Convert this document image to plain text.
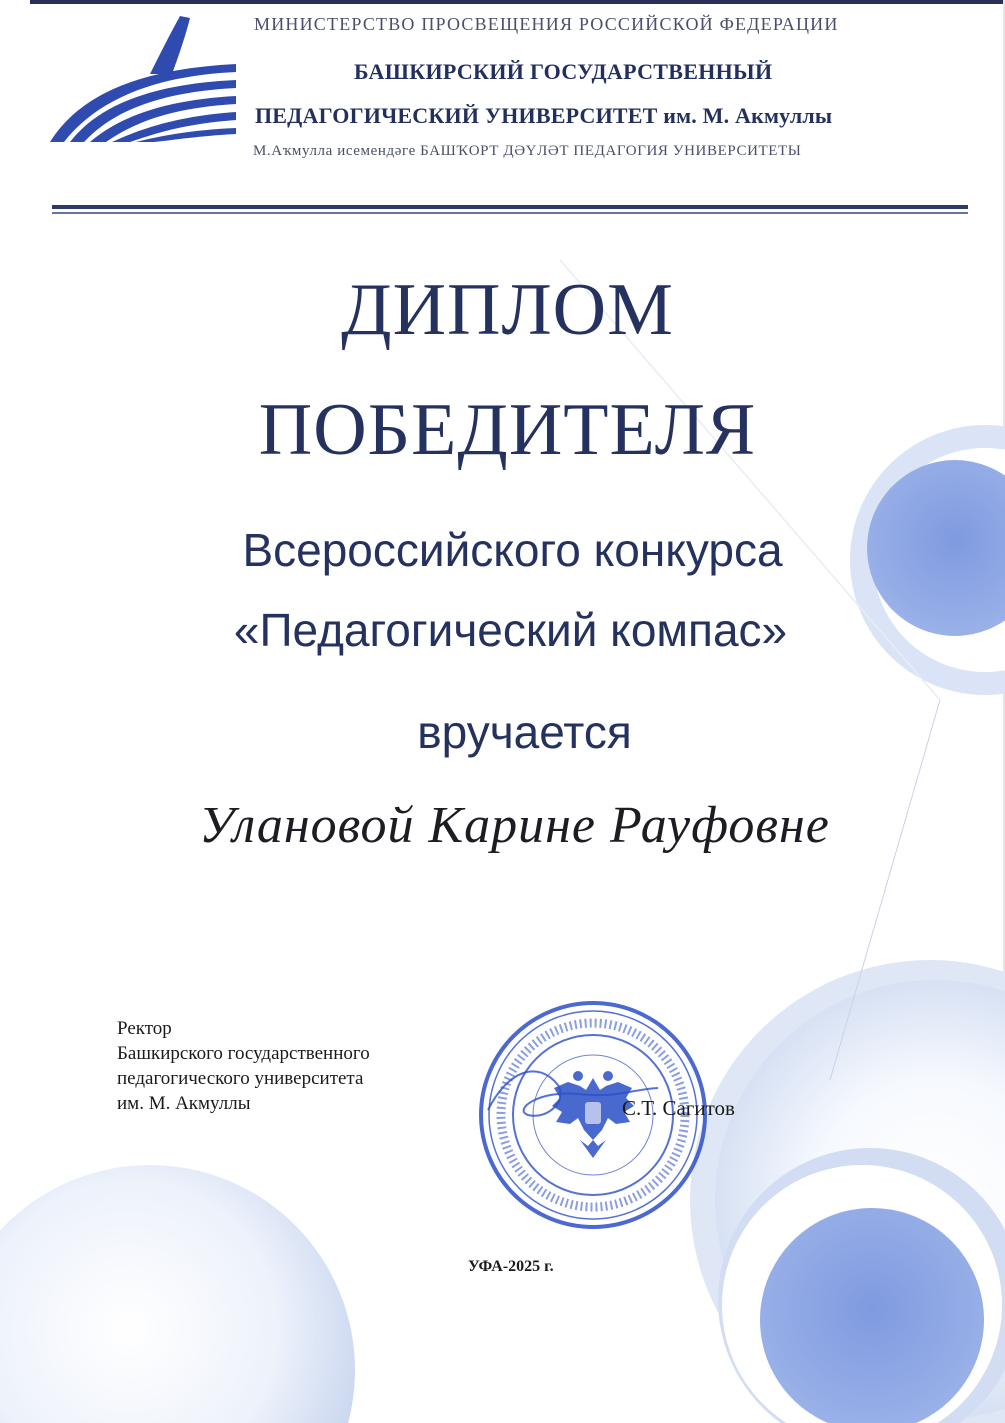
МИНИСТЕРСТВО ПРОСВЕЩЕНИЯ РОССИЙСКОЙ ФЕДЕРАЦИИ
БАШКИРСКИЙ ГОСУДАРСТВЕННЫЙ
ПЕДАГОГИЧЕСКИЙ УНИВЕРСИТЕТ им. М. Акмуллы
М.Аҡмулла исемендәге БАШҠОРТ ДӘҮЛӘТ ПЕДАГОГИЯ УНИВЕРСИТЕТЫ
ДИПЛОМ
ПОБЕДИТЕЛЯ
Всероссийского конкурса
«Педагогический компас»
вручается
Улановой Карине Рауфовне
Ректор
Башкирского государственного
педагогического университета
им. М. Акмуллы	С.Т. Сагитов
УФА-2025 г.
